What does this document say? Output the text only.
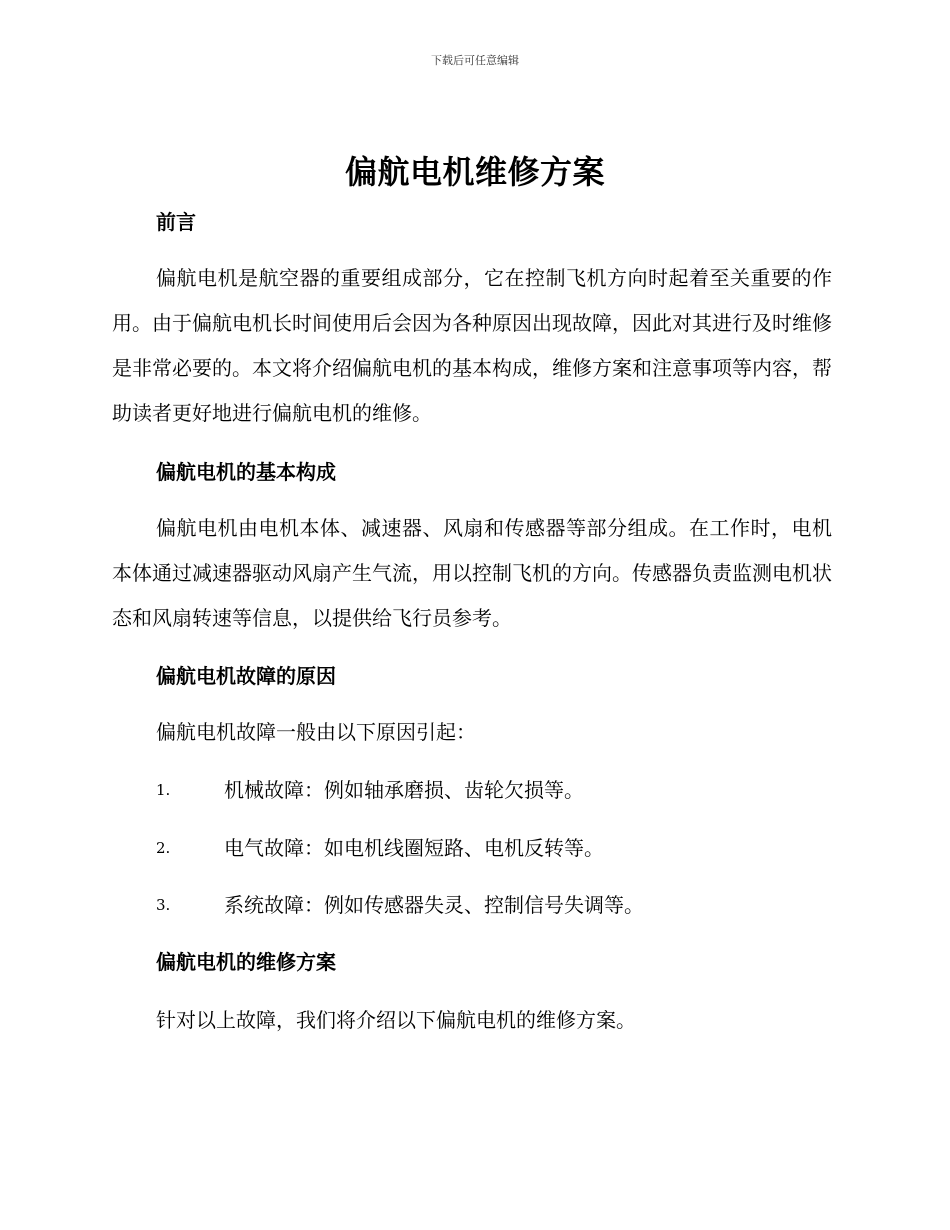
下载后可任意编辑
偏航电机维修方案
前言

偏航电机是航空器的重要组成部分，它在控制飞机方向时起着至关重要的作用。由于偏航电机长时间使用后会因为各种原因出现故障，因此对其进行及时维修是非常必要的。本文将介绍偏航电机的基本构成，维修方案和注意事项等内容，帮助读者更好地进行偏航电机的维修。

偏航电机的基本构成

偏航电机由电机本体、减速器、风扇和传感器等部分组成。在工作时，电机本体通过减速器驱动风扇产生气流，用以控制飞机的方向。传感器负责监测电机状态和风扇转速等信息，以提供给飞行员参考。

偏航电机故障的原因

偏航电机故障一般由以下原因引起：

1.	机械故障：例如轴承磨损、齿轮欠损等。
2.	电气故障：如电机线圈短路、电机反转等。
3.	系统故障：例如传感器失灵、控制信号失调等。
偏航电机的维修方案

针对以上故障，我们将介绍以下偏航电机的维修方案。
